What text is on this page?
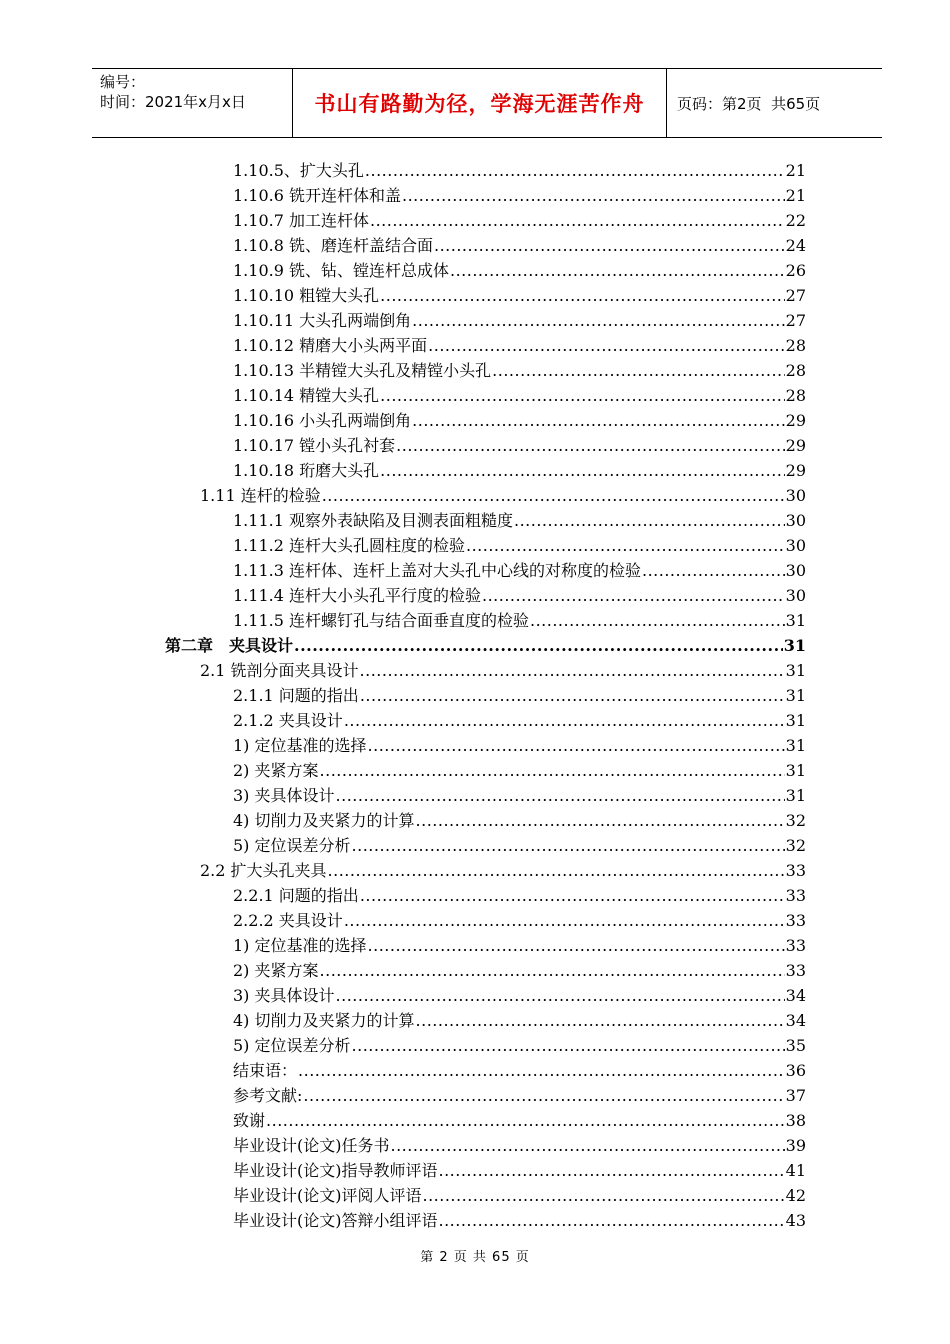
编号：
时间：2021年x月x日	书山有路勤为径，学海无涯苦作舟	页码：第2页  共65页
1.10.5、扩大头孔 .....	21
1.10.6 铣开连杆体和盖 .....	21
1.10.7 加工连杆体 .....	22
1.10.8 铣、磨连杆盖结合面 .....	24
1.10.9 铣、钻、镗连杆总成体 .....	26
1.10.10 粗镗大头孔 .....	27
1.10.11 大头孔两端倒角 .....	27
1.10.12 精磨大小头两平面 .....	28
1.10.13 半精镗大头孔及精镗小头孔 .....	28
1.10.14 精镗大头孔 .....	28
1.10.16 小头孔两端倒角 .....	29
1.10.17 镗小头孔衬套 .....	29
1.10.18 珩磨大头孔 .....	29
1.11 连杆的检验 .....	30
1.11.1 观察外表缺陷及目测表面粗糙度 .....	30
1.11.2 连杆大头孔圆柱度的检验 .....	30
1.11.3 连杆体、连杆上盖对大头孔中心线的对称度的检验 .....	30
1.11.4 连杆大小头孔平行度的检验 .....	30
1.11.5 连杆螺钉孔与结合面垂直度的检验 .....	31
第二章　夹具设计 .....	31
2.1 铣剖分面夹具设计 .....	31
2.1.1 问题的指出 .....	31
2.1.2 夹具设计 .....	31
1) 定位基准的选择 .....	31
2) 夹紧方案 .....	31
3) 夹具体设计 .....	31
4) 切削力及夹紧力的计算 .....	32
5) 定位误差分析 .....	32
2.2 扩大头孔夹具 .....	33
2.2.1 问题的指出 .....	33
2.2.2 夹具设计 .....	33
1) 定位基准的选择 .....	33
2) 夹紧方案 .....	33
3) 夹具体设计 .....	34
4) 切削力及夹紧力的计算 .....	34
5) 定位误差分析 .....	35
结束语： .....	36
参考文献: .....	37
致谢 .....	38
毕业设计(论文)任务书 .....	39
毕业设计(论文)指导教师评语 .....	41
毕业设计(论文)评阅人评语 .....	42
毕业设计(论文)答辩小组评语 .....	43
第 2 页 共 65 页
